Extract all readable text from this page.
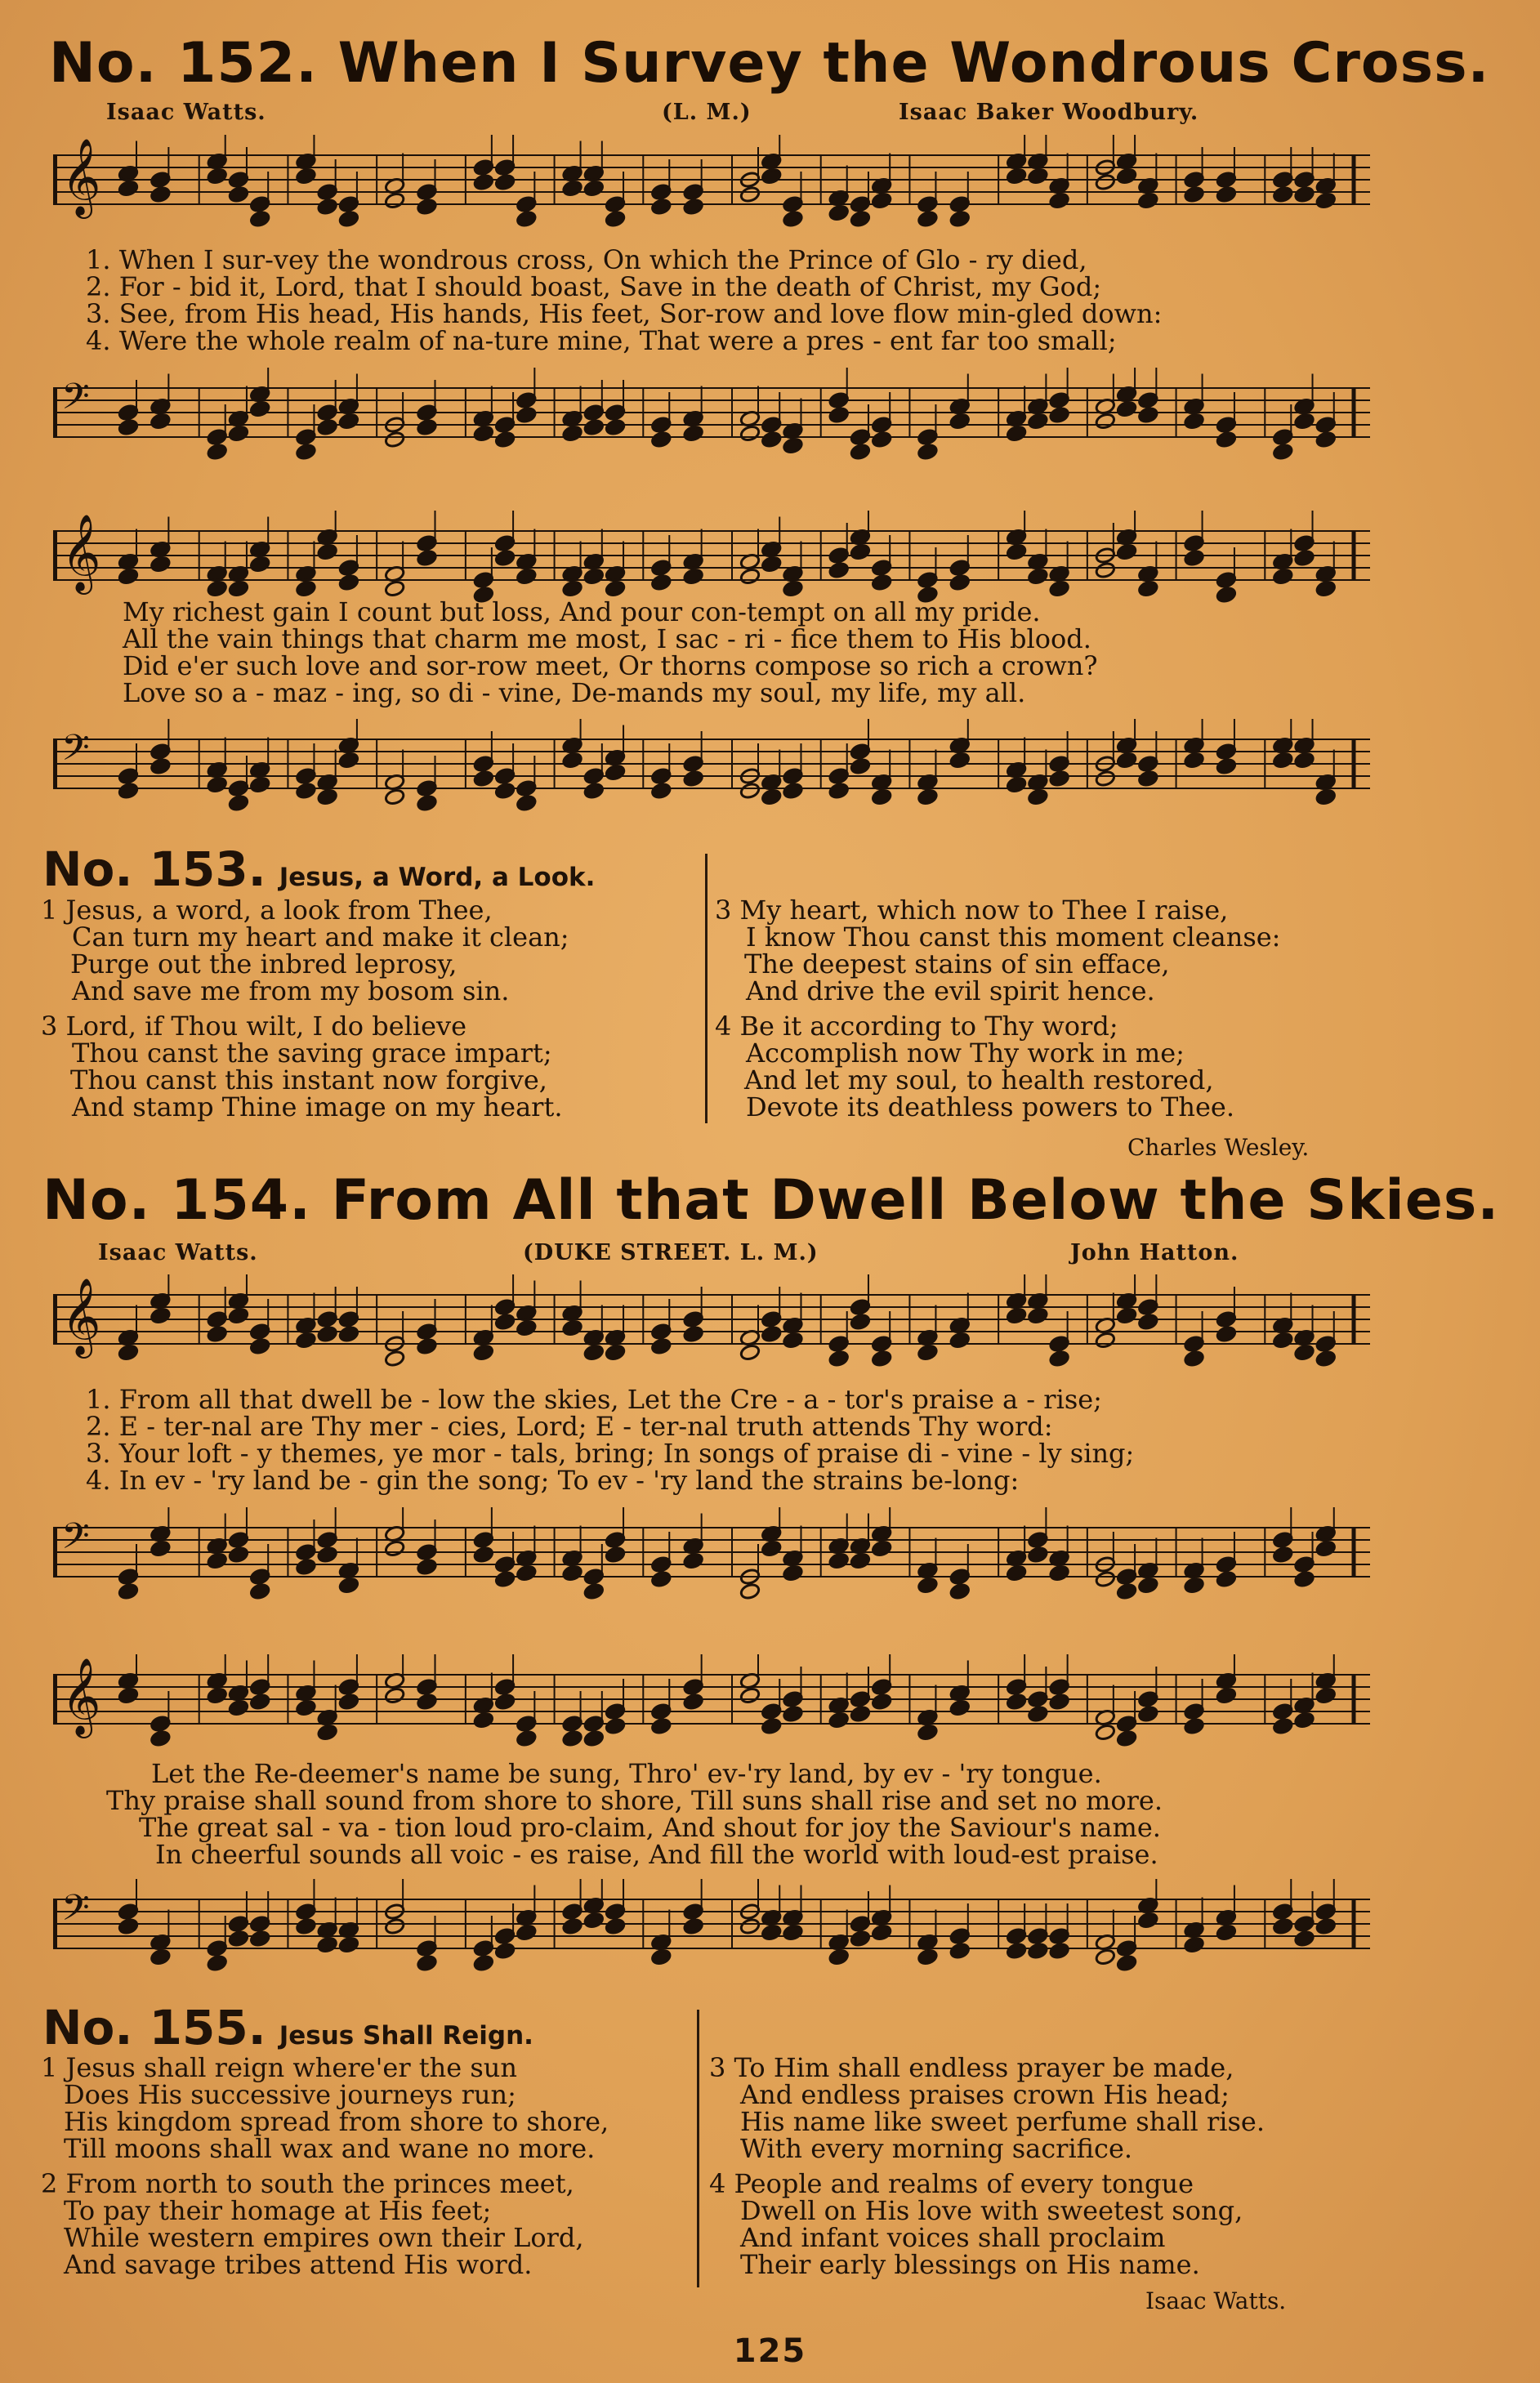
No. 152. When I Survey the Wondrous Cross.
Isaac Watts.	(L. M.)	Isaac Baker Woodbury.
𝄞
1. When I sur-vey the wondrous cross, On which the Prince of Glo - ry died,
2. For - bid it, Lord, that I should boast, Save in the death of Christ, my God;
3. See, from His head, His hands, His feet, Sor-row and love flow min-gled down:
4. Were the whole realm of na-ture mine, That were a pres - ent far too small;
𝄢
𝄞
My richest gain I count but loss, And pour con-tempt on all my pride.
All the vain things that charm me most, I sac - ri - fice them to His blood.
Did e'er such love and sor-row meet, Or thorns compose so rich a crown?
Love so a - maz - ing, so di - vine, De-mands my soul, my life, my all.
𝄢
No. 153. Jesus, a Word, a Look.
1 Jesus, a word, a look from Thee,
Can turn my heart and make it clean;
Purge out the inbred leprosy,
And save me from my bosom sin.
3 Lord, if Thou wilt, I do believe
Thou canst the saving grace impart;
Thou canst this instant now forgive,
And stamp Thine image on my heart.
3 My heart, which now to Thee I raise,
I know Thou canst this moment cleanse:
The deepest stains of sin efface,
And drive the evil spirit hence.
4 Be it according to Thy word;
Accomplish now Thy work in me;
And let my soul, to health restored,
Devote its deathless powers to Thee.
Charles Wesley.
No. 154. From All that Dwell Below the Skies.
Isaac Watts.	(DUKE STREET. L. M.)	John Hatton.
𝄞
1. From all that dwell be - low the skies, Let the Cre - a - tor's praise a - rise;
2. E - ter-nal are Thy mer - cies, Lord; E - ter-nal truth attends Thy word:
3. Your loft - y themes, ye mor - tals, bring; In songs of praise di - vine - ly sing;
4. In ev - 'ry land be - gin the song; To ev - 'ry land the strains be-long:
𝄢
𝄞
Let the Re-deemer's name be sung, Thro' ev-'ry land, by ev - 'ry tongue.
Thy praise shall sound from shore to shore, Till suns shall rise and set no more.
The great sal - va - tion loud pro-claim, And shout for joy the Saviour's name.
In cheerful sounds all voic - es raise, And fill the world with loud-est praise.
𝄢
No. 155. Jesus Shall Reign.
1 Jesus shall reign where'er the sun
Does His successive journeys run;
His kingdom spread from shore to shore,
Till moons shall wax and wane no more.
2 From north to south the princes meet,
To pay their homage at His feet;
While western empires own their Lord,
And savage tribes attend His word.
3 To Him shall endless prayer be made,
And endless praises crown His head;
His name like sweet perfume shall rise.
With every morning sacrifice.
4 People and realms of every tongue
Dwell on His love with sweetest song,
And infant voices shall proclaim
Their early blessings on His name.
Isaac Watts.
125
